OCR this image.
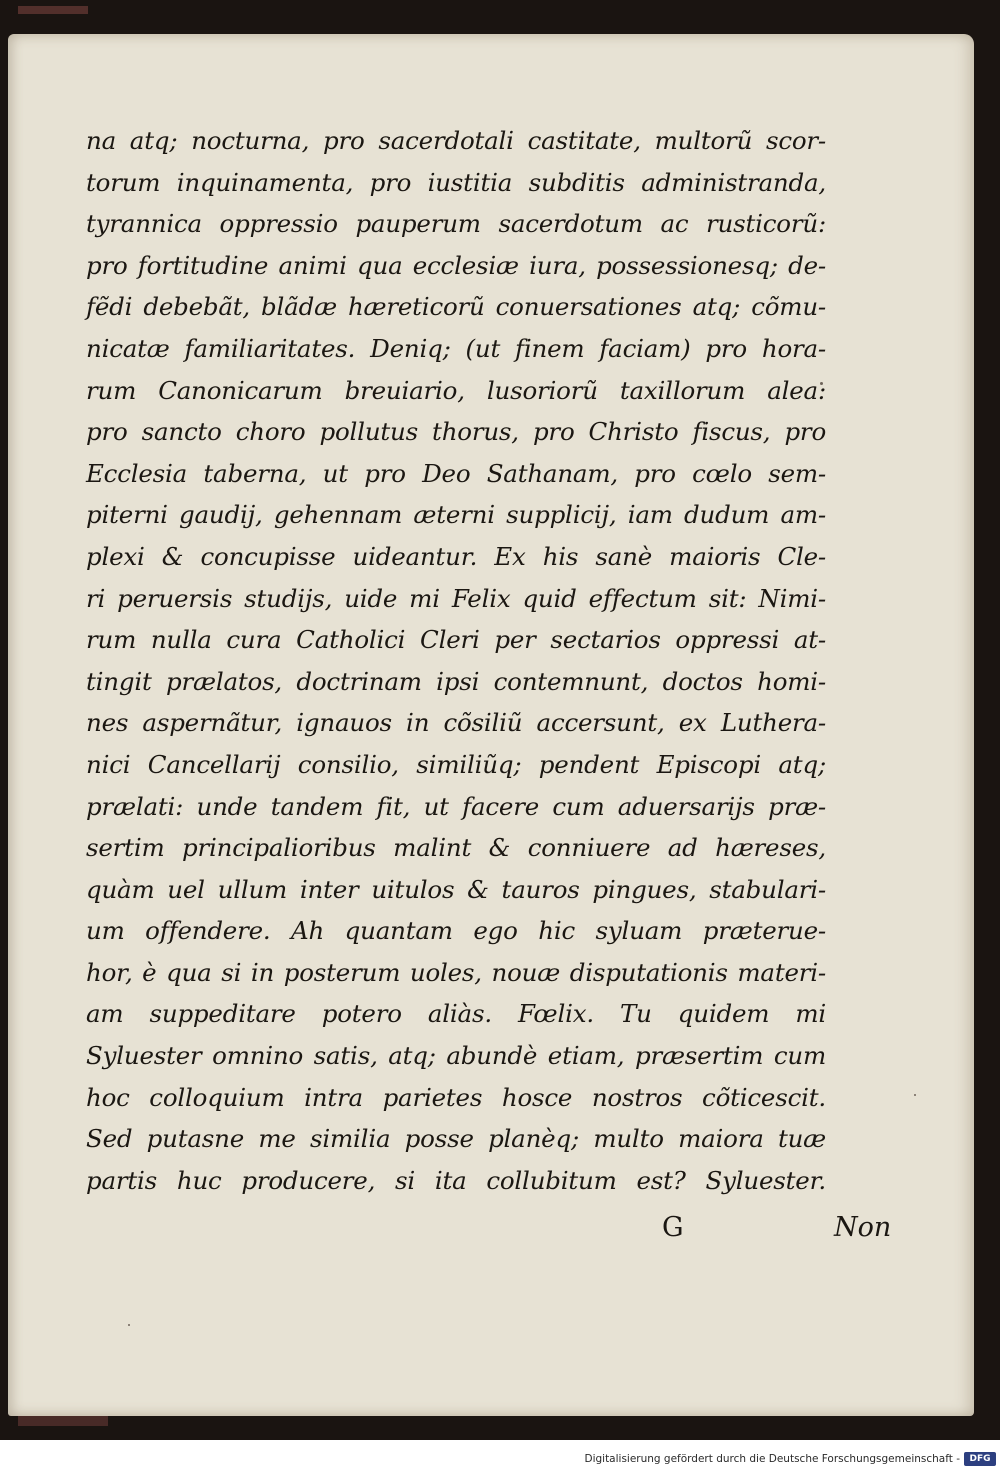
na atq; nocturna, pro sacerdotali castitate, multorũ scor-
torum inquinamenta, pro iustitia subditis administranda,
tyrannica oppressio pauperum sacerdotum ac rusticorũ:
pro fortitudine animi qua ecclesiæ iura, possessionesq; de-
fẽdi debebãt, blãdæ hæreticorũ conuersationes atq; cõmu-
nicatæ familiaritates. Deniq; (ut finem faciam) pro hora-
rum Canonicarum breuiario, lusoriorũ taxillorum alea:
pro sancto choro pollutus thorus, pro Christo fiscus, pro
Ecclesia taberna, ut pro Deo Sathanam, pro cœlo sem-
piterni gaudij, gehennam æterni supplicij, iam dudum am-
plexi & concupisse uideantur. Ex his sanè maioris Cle-
ri peruersis studijs, uide mi Felix quid effectum sit: Nimi-
rum nulla cura Catholici Cleri per sectarios oppressi at-
tingit prælatos, doctrinam ipsi contemnunt, doctos homi-
nes aspernãtur, ignauos in cõsiliũ accersunt, ex Luthera-
nici Cancellarij consilio, similiũq; pendent Episcopi atq;
prælati: unde tandem fit, ut facere cum aduersarijs præ-
sertim principalioribus malint & conniuere ad hæreses,
quàm uel ullum inter uitulos & tauros pingues, stabulari-
um offendere. Ah quantam ego hic syluam præterue-
hor, è qua si in posterum uoles, nouæ disputationis materi-
am suppeditare potero aliàs. Fœlix. Tu quidem mi
Syluester omnino satis, atq; abundè etiam, præsertim cum
hoc colloquium intra parietes hosce nostros cõticescit.
Sed putasne me similia posse planèq; multo maiora tuæ
partis huc producere, si ita collubitum est? Syluester.
G	Non
Digitalisierung gefördert durch die Deutsche Forschungsgemeinschaft -	DFG
